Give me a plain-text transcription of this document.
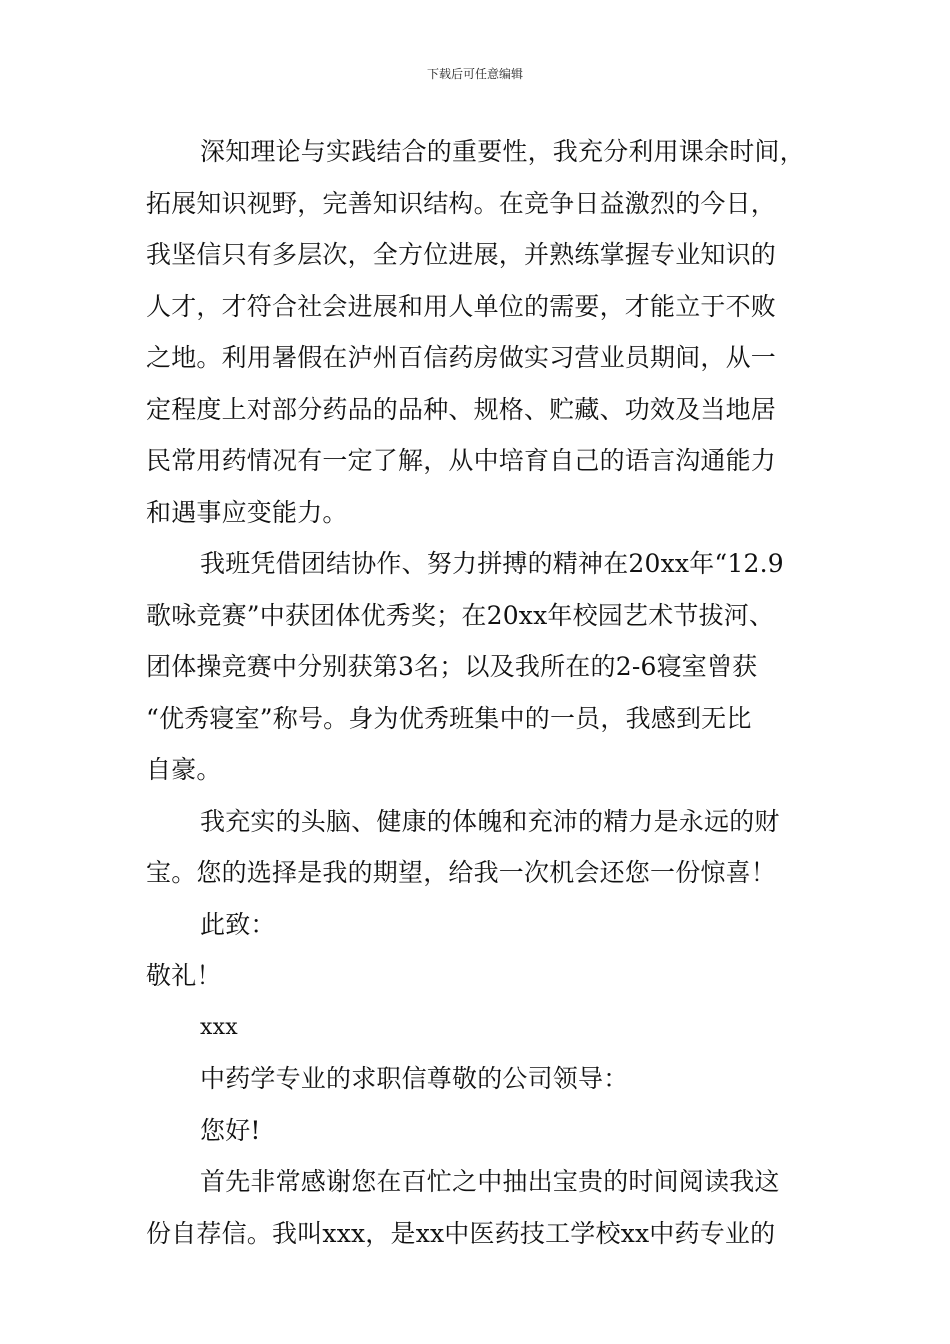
下载后可任意编辑

深知理论与实践结合的重要性，我充分利用课余时间，

拓展知识视野，完善知识结构。在竞争日益激烈的今日，

我坚信只有多层次，全方位进展，并熟练掌握专业知识的

人才，才符合社会进展和用人单位的需要，才能立于不败

之地。利用暑假在泸州百信药房做实习营业员期间，从一

定程度上对部分药品的品种、规格、贮藏、功效及当地居

民常用药情况有一定了解，从中培育自己的语言沟通能力

和遇事应变能力。

我班凭借团结协作、努力拼搏的精神在20xx年“12.9

歌咏竞赛”中获团体优秀奖；在20xx年校园艺术节拔河、

团体操竞赛中分别获第3名；以及我所在的2-6寝室曾获

“优秀寝室”称号。身为优秀班集中的一员，我感到无比

自豪。

我充实的头脑、健康的体魄和充沛的精力是永远的财

宝。您的选择是我的期望，给我一次机会还您一份惊喜！

此致：

敬礼！

xxx

中药学专业的求职信尊敬的公司领导：

您好!

首先非常感谢您在百忙之中抽出宝贵的时间阅读我这

份自荐信。我叫xxx，是xx中医药技工学校xx中药专业的
